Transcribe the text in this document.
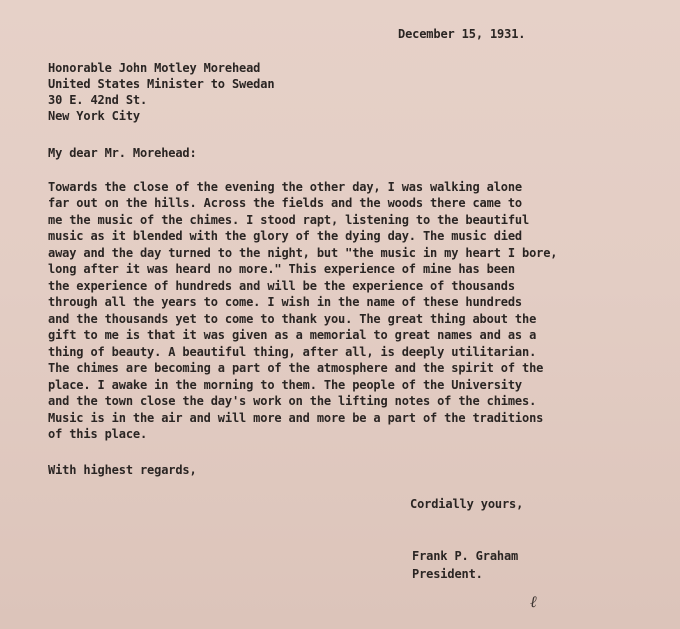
December 15, 1931.
Honorable John Motley Morehead
United States Minister to Swedan
30 E. 42nd St.
New York City
My dear Mr. Morehead:
Towards the close of the evening the other day, I was walking alone
far out on the hills. Across the fields and the woods there came to
me the music of the chimes. I stood rapt, listening to the beautiful
music as it blended with the glory of the dying day. The music died
away and the day turned to the night, but "the music in my heart I bore,
long after it was heard no more." This experience of mine has been
the experience of hundreds and will be the experience of thousands
through all the years to come. I wish in the name of these hundreds
and the thousands yet to come to thank you. The great thing about the
gift to me is that it was given as a memorial to great names and as a
thing of beauty. A beautiful thing, after all, is deeply utilitarian.
The chimes are becoming a part of the atmosphere and the spirit of the
place. I awake in the morning to them. The people of the University
and the town close the day's work on the lifting notes of the chimes.
Music is in the air and will more and more be a part of the traditions
of this place.
With highest regards,
Cordially yours,
Frank P. Graham
President.
ℓ
